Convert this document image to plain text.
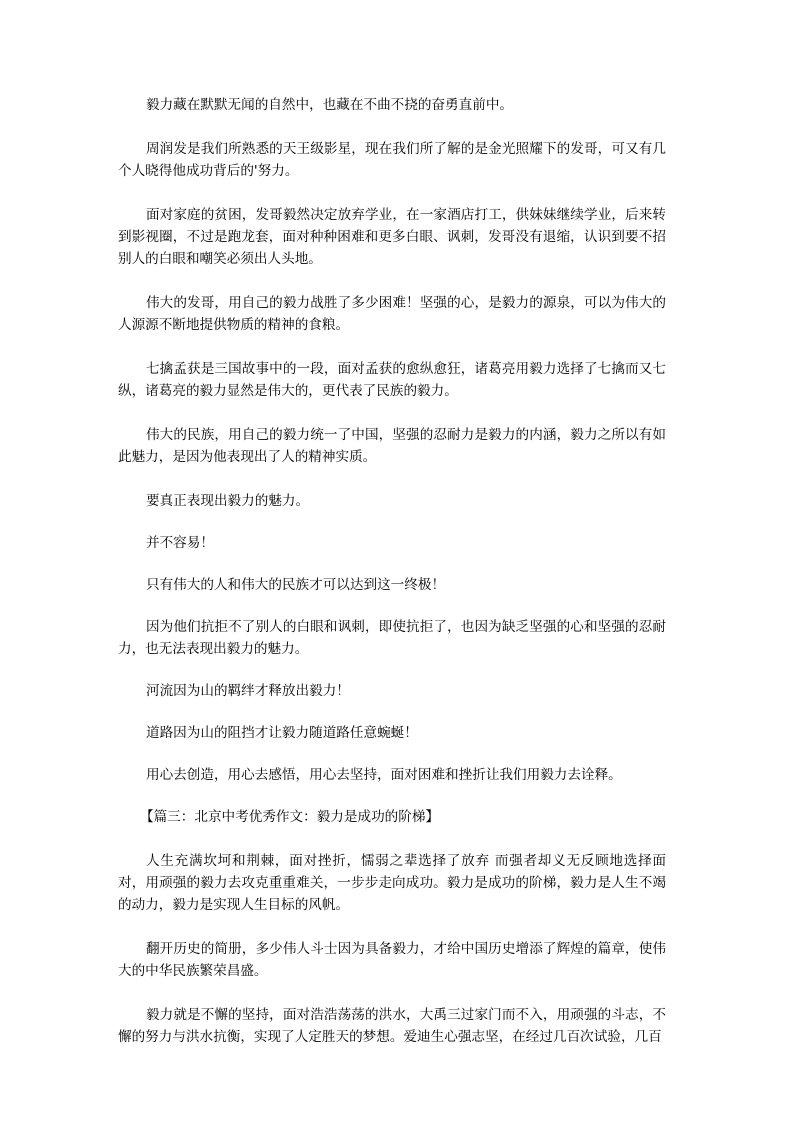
毅力藏在默默无闻的自然中，也藏在不曲不挠的奋勇直前中。

周润发是我们所熟悉的天王级影星，现在我们所了解的是金光照耀下的发哥，可又有几个人晓得他成功背后的'努力。

面对家庭的贫困，发哥毅然决定放弃学业，在一家酒店打工，供妹妹继续学业，后来转到影视圈，不过是跑龙套，面对种种困难和更多白眼、讽刺，发哥没有退缩，认识到要不招别人的白眼和嘲笑必须出人头地。

伟大的发哥，用自己的毅力战胜了多少困难！坚强的心，是毅力的源泉，可以为伟大的人源源不断地提供物质的精神的食粮。

七擒孟获是三国故事中的一段，面对孟获的愈纵愈狂，诸葛亮用毅力选择了七擒而又七纵，诸葛亮的毅力显然是伟大的，更代表了民族的毅力。

伟大的民族，用自己的毅力统一了中国，坚强的忍耐力是毅力的内涵，毅力之所以有如此魅力，是因为他表现出了人的精神实质。

要真正表现出毅力的魅力。

并不容易！

只有伟大的人和伟大的民族才可以达到这一终极！

因为他们抗拒不了别人的白眼和讽刺，即使抗拒了，也因为缺乏坚强的心和坚强的忍耐力，也无法表现出毅力的魅力。

河流因为山的羁绊才释放出毅力！

道路因为山的阻挡才让毅力随道路任意蜿蜒！

用心去创造，用心去感悟，用心去坚持，面对困难和挫折让我们用毅力去诠释。

【篇三：北京中考优秀作文：毅力是成功的阶梯】

人生充满坎坷和荆棘，面对挫折，懦弱之辈选择了放弃 而强者却义无反顾地选择面对，用顽强的毅力去攻克重重难关，一步步走向成功。毅力是成功的阶梯，毅力是人生不竭的动力，毅力是实现人生目标的风帆。

翻开历史的简册，多少伟人斗士因为具备毅力，才给中国历史增添了辉煌的篇章，使伟大的中华民族繁荣昌盛。

毅力就是不懈的坚持，面对浩浩荡荡的洪水，大禹三过家门而不入，用顽强的斗志，不懈的努力与洪水抗衡，实现了人定胜天的梦想。爱迪生心强志坚，在经过几百次试验，几百
